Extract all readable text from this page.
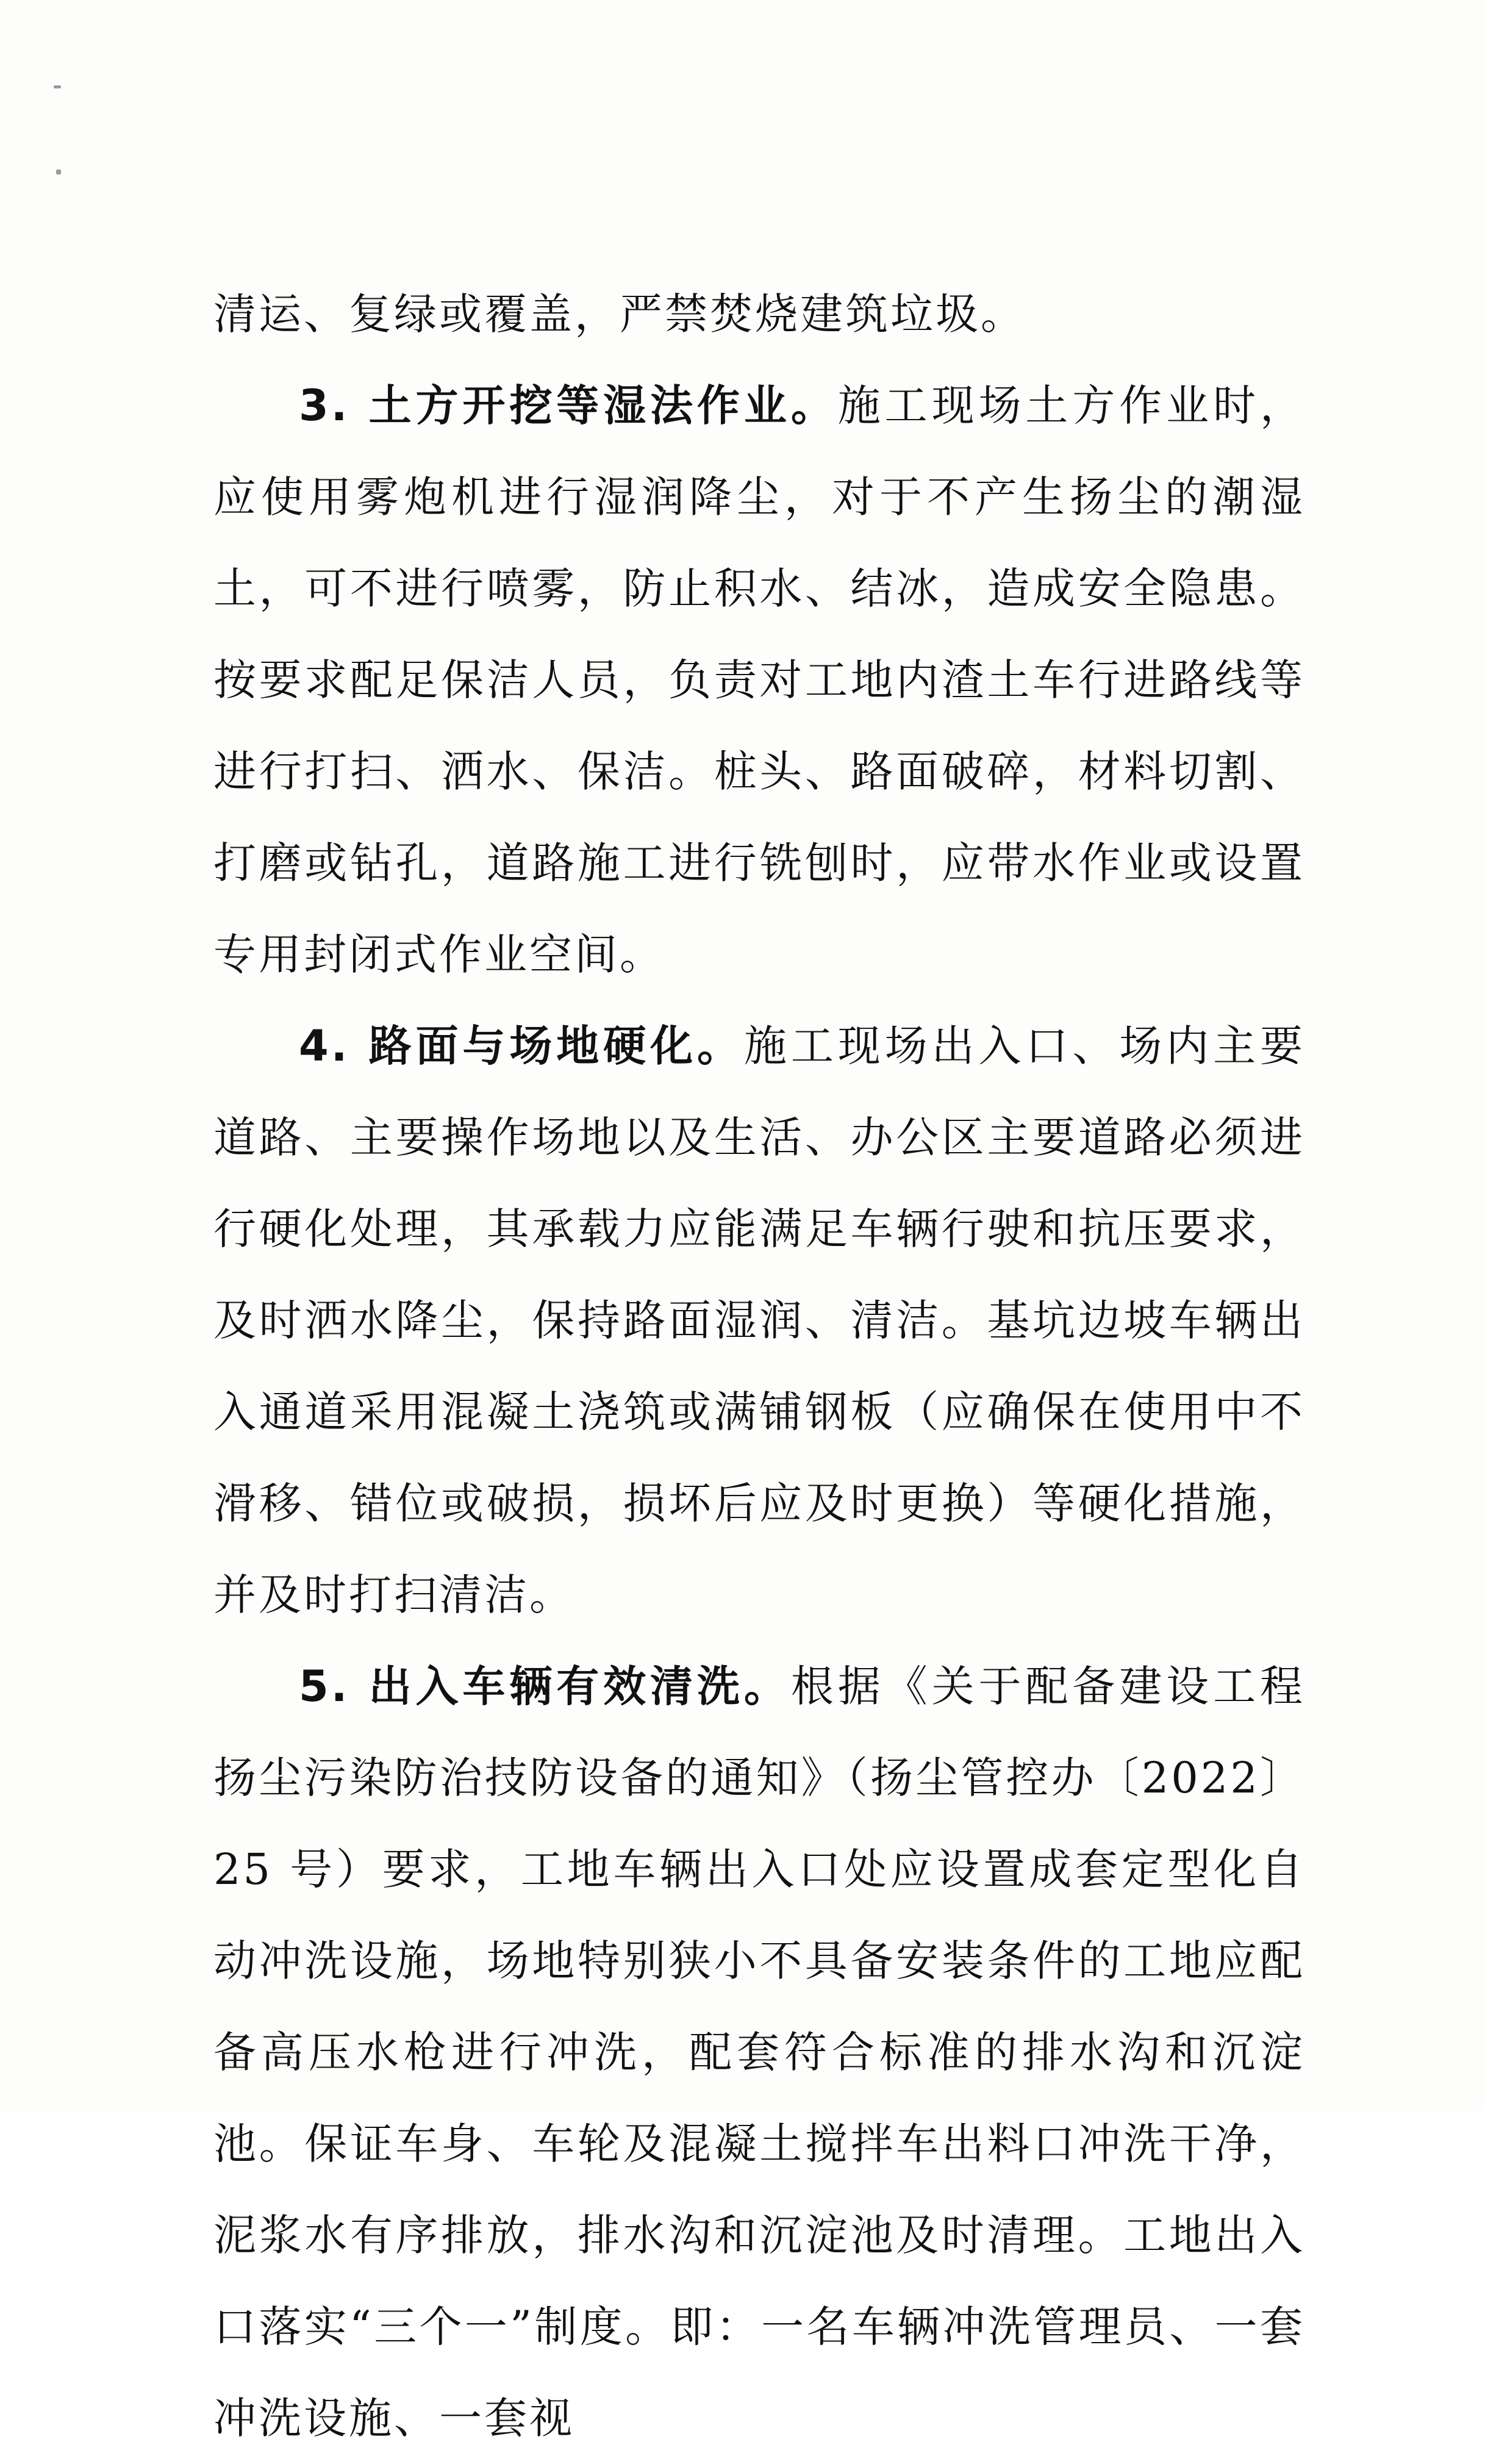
清运、复绿或覆盖，严禁焚烧建筑垃圾。

3. 土方开挖等湿法作业。施工现场土方作业时，应使用雾炮机进行湿润降尘，对于不产生扬尘的潮湿土，可不进行喷雾，防止积水、结冰，造成安全隐患。按要求配足保洁人员，负责对工地内渣土车行进路线等进行打扫、洒水、保洁。桩头、路面破碎，材料切割、打磨或钻孔，道路施工进行铣刨时，应带水作业或设置专用封闭式作业空间。

4. 路面与场地硬化。施工现场出入口、场内主要道路、主要操作场地以及生活、办公区主要道路必须进行硬化处理，其承载力应能满足车辆行驶和抗压要求，及时洒水降尘，保持路面湿润、清洁。基坑边坡车辆出入通道采用混凝土浇筑或满铺钢板（应确保在使用中不滑移、错位或破损，损坏后应及时更换）等硬化措施，并及时打扫清洁。

5. 出入车辆有效清洗。根据《关于配备建设工程扬尘污染防治技防设备的通知》（扬尘管控办〔2022〕25 号）要求，工地车辆出入口处应设置成套定型化自动冲洗设施，场地特别狭小不具备安装条件的工地应配备高压水枪进行冲洗，配套符合标准的排水沟和沉淀池。保证车身、车轮及混凝土搅拌车出料口冲洗干净，泥浆水有序排放，排水沟和沉淀池及时清理。工地出入口落实“三个一”制度。即：一名车辆冲洗管理员、一套冲洗设施、一套视
